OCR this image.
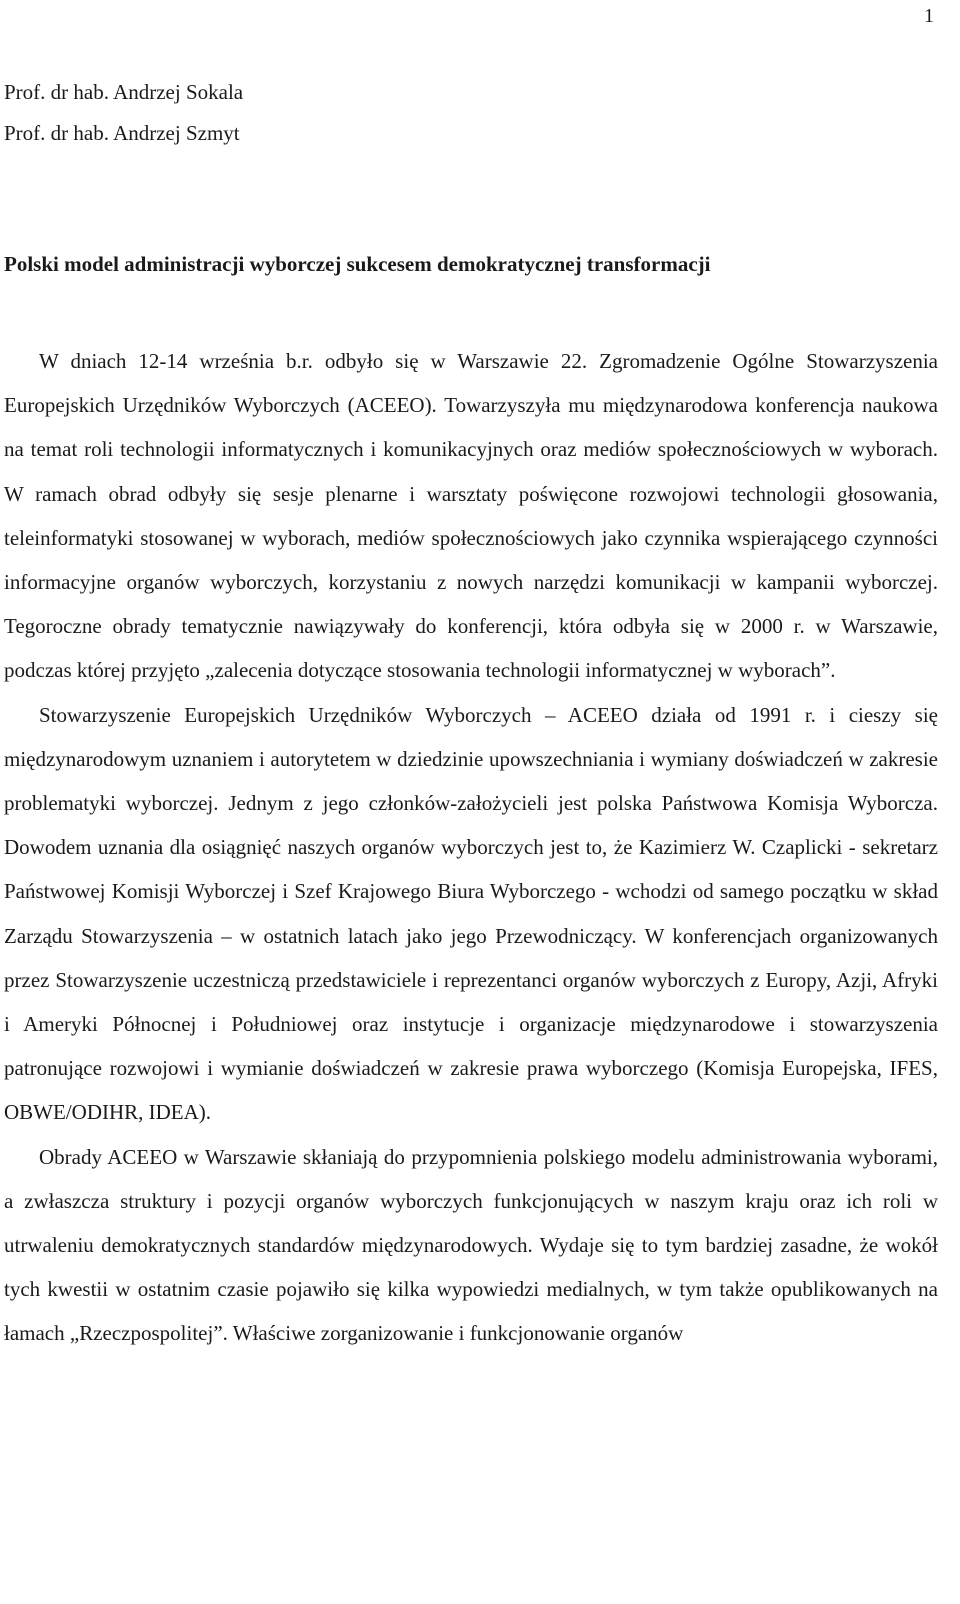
1
Prof. dr hab. Andrzej Sokala
Prof. dr hab. Andrzej Szmyt
Polski model administracji wyborczej sukcesem demokratycznej transformacji

W dniach 12-14 września b.r. odbyło się w Warszawie 22. Zgromadzenie Ogólne Stowarzyszenia Europejskich Urzędników Wyborczych (ACEEO). Towarzyszyła mu międzynarodowa konferencja naukowa na temat roli technologii informatycznych i komunikacyjnych oraz mediów społecznościowych w wyborach. W ramach obrad odbyły się sesje plenarne i warsztaty poświęcone rozwojowi technologii głosowania, teleinformatyki stosowanej w wyborach, mediów społecznościowych jako czynnika wspierającego czynności informacyjne organów wyborczych, korzystaniu z nowych narzędzi komunikacji w kampanii wyborczej. Tegoroczne obrady tematycznie nawiązywały do konferencji, która odbyła się w 2000 r. w Warszawie, podczas której przyjęto „zalecenia dotyczące stosowania technologii informatycznej w wyborach”.

Stowarzyszenie Europejskich Urzędników Wyborczych – ACEEO działa od 1991 r. i cieszy się międzynarodowym uznaniem i autorytetem w dziedzinie upowszechniania i wymiany doświadczeń w zakresie problematyki wyborczej. Jednym z jego członków-założycieli jest polska Państwowa Komisja Wyborcza. Dowodem uznania dla osiągnięć naszych organów wyborczych jest to, że Kazimierz W. Czaplicki - sekretarz Państwowej Komisji Wyborczej i Szef Krajowego Biura Wyborczego - wchodzi od samego początku w skład Zarządu Stowarzyszenia – w ostatnich latach jako jego Przewodniczący. W konferencjach organizowanych przez Stowarzyszenie uczestniczą przedstawiciele i reprezentanci organów wyborczych z Europy, Azji, Afryki i Ameryki Północnej i Południowej oraz instytucje i organizacje międzynarodowe i stowarzyszenia patronujące rozwojowi i wymianie doświadczeń w zakresie prawa wyborczego (Komisja Europejska, IFES, OBWE/ODIHR, IDEA).

Obrady ACEEO w Warszawie skłaniają do przypomnienia polskiego modelu administrowania wyborami, a zwłaszcza struktury i pozycji organów wyborczych funkcjonujących w naszym kraju oraz ich roli w utrwaleniu demokratycznych standardów międzynarodowych. Wydaje się to tym bardziej zasadne, że wokół tych kwestii w ostatnim czasie pojawiło się kilka wypowiedzi medialnych, w tym także opublikowanych na łamach „Rzeczpospolitej”. Właściwe zorganizowanie i funkcjonowanie organów
